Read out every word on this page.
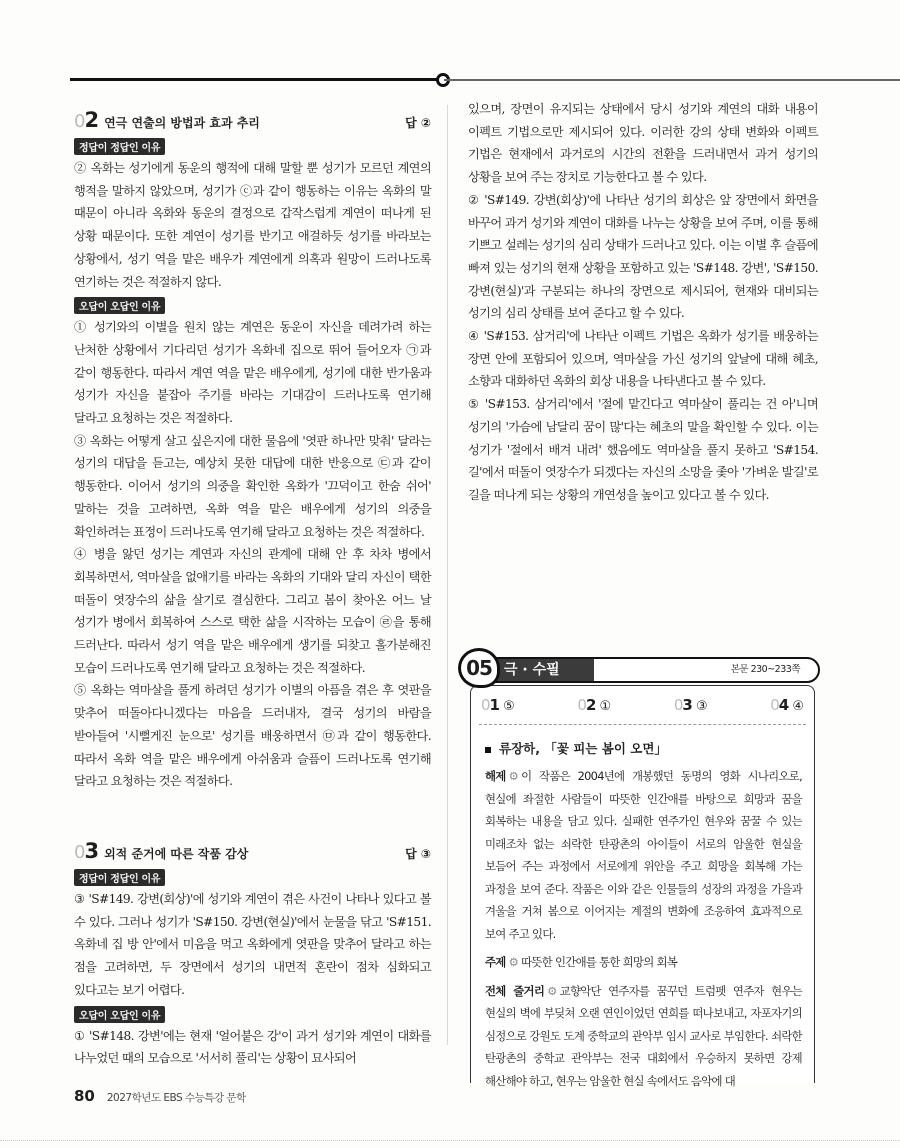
02 연극 연출의 방법과 효과 추리	답 ②
정답이 정답인 이유

② 옥화는 성기에게 동운의 행적에 대해 말할 뿐 성기가 모르던 계연의 행적을 말하지 않았으며, 성기가 ⓒ과 같이 행동하는 이유는 옥화의 말 때문이 아니라 옥화와 동운의 결정으로 갑작스럽게 계연이 떠나게 된 상황 때문이다. 또한 계연이 성기를 반기고 애걸하듯 성기를 바라보는 상황에서, 성기 역을 맡은 배우가 계연에게 의혹과 원망이 드러나도록 연기하는 것은 적절하지 않다.

오답이 오답인 이유

① 성기와의 이별을 원치 않는 계연은 동운이 자신을 데려가려 하는 난처한 상황에서 기다리던 성기가 옥화네 집으로 뛰어 들어오자 ㉠과 같이 행동한다. 따라서 계연 역을 맡은 배우에게, 성기에 대한 반가움과 성기가 자신을 붙잡아 주기를 바라는 기대감이 드러나도록 연기해 달라고 요청하는 것은 적절하다.

③ 옥화는 어떻게 살고 싶은지에 대한 물음에 '엿판 하나만 맞춰' 달라는 성기의 대답을 듣고는, 예상치 못한 대답에 대한 반응으로 ㉢과 같이 행동한다. 이어서 성기의 의중을 확인한 옥화가 '끄덕이고 한숨 쉬어' 말하는 것을 고려하면, 옥화 역을 맡은 배우에게 성기의 의중을 확인하려는 표정이 드러나도록 연기해 달라고 요청하는 것은 적절하다.

④ 병을 앓던 성기는 계연과 자신의 관계에 대해 안 후 차차 병에서 회복하면서, 역마살을 없애기를 바라는 옥화의 기대와 달리 자신이 택한 떠돌이 엿장수의 삶을 살기로 결심한다. 그리고 봄이 찾아온 어느 날 성기가 병에서 회복하여 스스로 택한 삶을 시작하는 모습이 ㉣을 통해 드러난다. 따라서 성기 역을 맡은 배우에게 생기를 되찾고 홀가분해진 모습이 드러나도록 연기해 달라고 요청하는 것은 적절하다.

⑤ 옥화는 역마살을 풀게 하려던 성기가 이별의 아픔을 겪은 후 엿판을 맞추어 떠돌아다니겠다는 마음을 드러내자, 결국 성기의 바람을 받아들여 '시뻘게진 눈으로' 성기를 배웅하면서 ㉤과 같이 행동한다. 따라서 옥화 역을 맡은 배우에게 아쉬움과 슬픔이 드러나도록 연기해 달라고 요청하는 것은 적절하다.

03 외적 준거에 따른 작품 감상	답 ③
정답이 정답인 이유

③ 'S#149. 강변(회상)'에 성기와 계연이 겪은 사건이 나타나 있다고 볼 수 있다. 그러나 성기가 'S#150. 강변(현실)'에서 눈물을 닦고 'S#151. 옥화네 집 방 안'에서 미음을 먹고 옥화에게 엿판을 맞추어 달라고 하는 점을 고려하면, 두 장면에서 성기의 내면적 혼란이 점차 심화되고 있다고는 보기 어렵다.

오답이 오답인 이유

① 'S#148. 강변'에는 현재 '얼어붙은 강'이 과거 성기와 계연이 대화를 나누었던 때의 모습으로 '서서히 풀리'는 상황이 묘사되어

있으며, 장면이 유지되는 상태에서 당시 성기와 계연의 대화 내용이 이펙트 기법으로만 제시되어 있다. 이러한 강의 상태 변화와 이펙트 기법은 현재에서 과거로의 시간의 전환을 드러내면서 과거 성기의 상황을 보여 주는 장치로 기능한다고 볼 수 있다.

② 'S#149. 강변(회상)'에 나타난 성기의 회상은 앞 장면에서 화면을 바꾸어 과거 성기와 계연이 대화를 나누는 상황을 보여 주며, 이를 통해 기쁘고 설레는 성기의 심리 상태가 드러나고 있다. 이는 이별 후 슬픔에 빠져 있는 성기의 현재 상황을 포함하고 있는 'S#148. 강변', 'S#150. 강변(현실)'과 구분되는 하나의 장면으로 제시되어, 현재와 대비되는 성기의 심리 상태를 보여 준다고 할 수 있다.

④ 'S#153. 삼거리'에 나타난 이펙트 기법은 옥화가 성기를 배웅하는 장면 안에 포함되어 있으며, 역마살을 가신 성기의 앞날에 대해 혜초, 소향과 대화하던 옥화의 회상 내용을 나타낸다고 볼 수 있다.

⑤ 'S#153. 삼거리'에서 '절에 맡긴다고 역마살이 풀리는 건 아'니며 성기의 '가슴에 남달리 꿈이 많'다는 혜초의 말을 확인할 수 있다. 이는 성기가 '절에서 배겨 내려' 했음에도 역마살을 풀지 못하고 'S#154. 길'에서 떠돌이 엿장수가 되겠다는 자신의 소망을 좇아 '가벼운 발길'로 길을 떠나게 되는 상황의 개연성을 높이고 있다고 볼 수 있다.

05 극 · 수필	본문 230~233쪽
01 ⑤	02 ①	03 ③	04 ④
류장하, 「꽃 피는 봄이 오면」

해제 ⚙ 이 작품은 2004년에 개봉했던 동명의 영화 시나리오로, 현실에 좌절한 사람들이 따뜻한 인간애를 바탕으로 희망과 꿈을 회복하는 내용을 담고 있다. 실패한 연주가인 현우와 꿈꿀 수 있는 미래조차 없는 쇠락한 탄광촌의 아이들이 서로의 암울한 현실을 보듬어 주는 과정에서 서로에게 위안을 주고 희망을 회복해 가는 과정을 보여 준다. 작품은 이와 같은 인물들의 성장의 과정을 가을과 겨울을 거쳐 봄으로 이어지는 계절의 변화에 조응하여 효과적으로 보여 주고 있다.

주제 ⚙ 따뜻한 인간애를 통한 희망의 회복

전체 줄거리 ⚙ 교향악단 연주자를 꿈꾸던 트럼펫 연주자 현우는 현실의 벽에 부딪쳐 오랜 연인이었던 연희를 떠나보내고, 자포자기의 심정으로 강원도 도계 중학교의 관악부 임시 교사로 부임한다. 쇠락한 탄광촌의 중학교 관악부는 전국 대회에서 우승하지 못하면 강제 해산해야 하고, 현우는 암울한 현실 속에서도 음악에 대

80 2027학년도 EBS 수능특강 문학
